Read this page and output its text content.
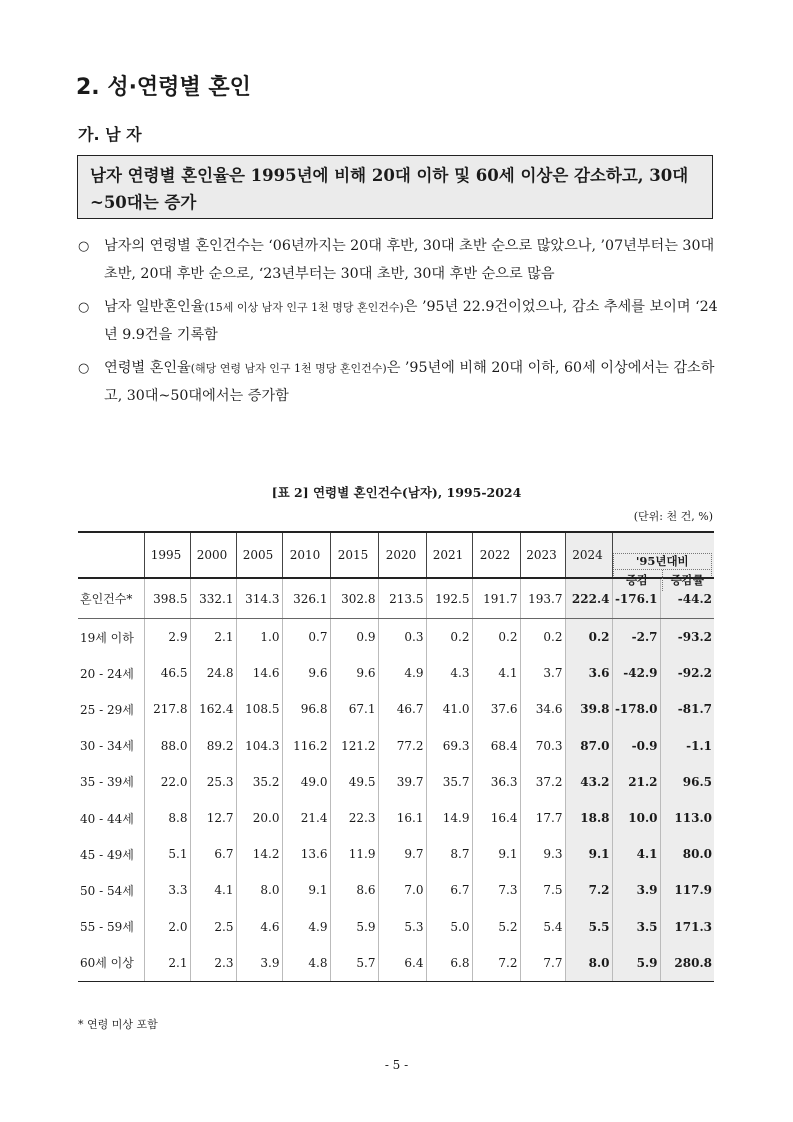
2. 성·연령별 혼인
가. 남 자
남자 연령별 혼인율은 1995년에 비해 20대 이하 및 60세 이상은 감소하고, 30대~50대는 증가
○ 남자의 연령별 혼인건수는 ‘06년까지는 20대 후반, 30대 초반 순으로 많았으나, ’07년부터는 30대 초반, 20대 후반 순으로, ‘23년부터는 30대 초반, 30대 후반 순으로 많음
○ 남자 일반혼인율(15세 이상 남자 인구 1천 명당 혼인건수)은 ’95년 22.9건이었으나, 감소 추세를 보이며 ‘24년 9.9건을 기록함
○ 연령별 혼인율(해당 연령 남자 인구 1천 명당 혼인건수)은 ’95년에 비해 20대 이하, 60세 이상에서는 감소하고, 30대~50대에서는 증가함
[표 2] 연령별 혼인건수(남자), 1995-2024
(단위: 천 건, %)
	1995	2000	2005	2010	2015	2020	2021	2022	2023	2024	'95년대비
증감 증감률	

혼인건수*	398.5	332.1	314.3	326.1	302.8	213.5	192.5	191.7	193.7	222.4	-176.1	-44.2
19세 이하	2.9	2.1	1.0	0.7	0.9	0.3	0.2	0.2	0.2	0.2	-2.7	-93.2
20 - 24세	46.5	24.8	14.6	9.6	9.6	4.9	4.3	4.1	3.7	3.6	-42.9	-92.2
25 - 29세	217.8	162.4	108.5	96.8	67.1	46.7	41.0	37.6	34.6	39.8	-178.0	-81.7
30 - 34세	88.0	89.2	104.3	116.2	121.2	77.2	69.3	68.4	70.3	87.0	-0.9	-1.1
35 - 39세	22.0	25.3	35.2	49.0	49.5	39.7	35.7	36.3	37.2	43.2	21.2	96.5
40 - 44세	8.8	12.7	20.0	21.4	22.3	16.1	14.9	16.4	17.7	18.8	10.0	113.0
45 - 49세	5.1	6.7	14.2	13.6	11.9	9.7	8.7	9.1	9.3	9.1	4.1	80.0
50 - 54세	3.3	4.1	8.0	9.1	8.6	7.0	6.7	7.3	7.5	7.2	3.9	117.9
55 - 59세	2.0	2.5	4.6	4.9	5.9	5.3	5.0	5.2	5.4	5.5	3.5	171.3
60세 이상	2.1	2.3	3.9	4.8	5.7	6.4	6.8	7.2	7.7	8.0	5.9	280.8
* 연령 미상 포함
- 5 -
